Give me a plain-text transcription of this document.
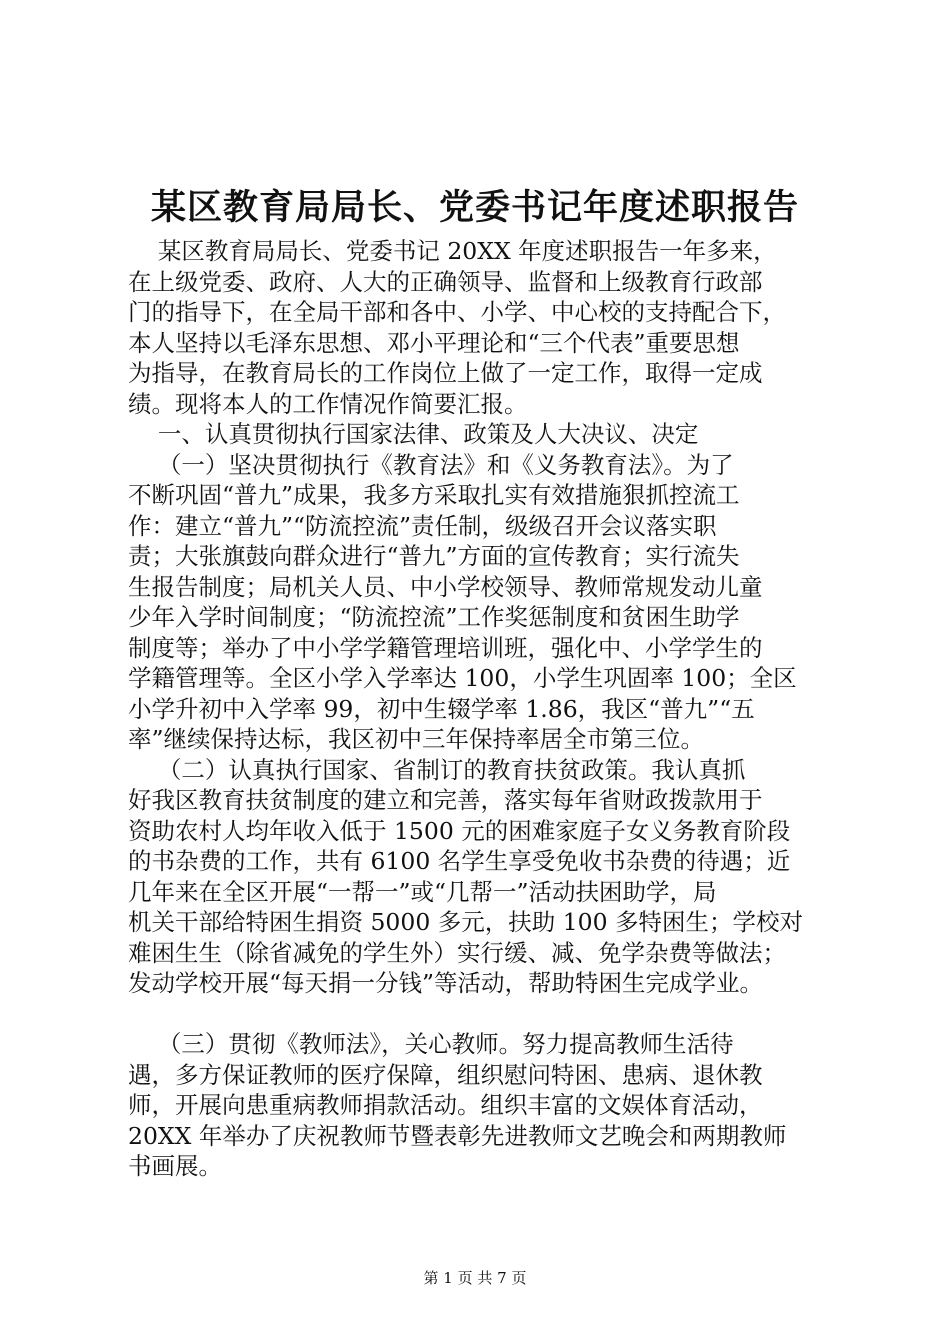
某区教育局局长、党委书记年度述职报告
某区教育局局长、党委书记 20XX 年度述职报告一年多来，
在上级党委、政府、人大的正确领导、监督和上级教育行政部
门的指导下，在全局干部和各中、小学、中心校的支持配合下，
本人坚持以毛泽东思想、邓小平理论和“三个代表”重要思想
为指导，在教育局长的工作岗位上做了一定工作，取得一定成
绩。现将本人的工作情况作简要汇报。
一、认真贯彻执行国家法律、政策及人大决议、决定
（一）坚决贯彻执行《教育法》和《义务教育法》。为了
不断巩固“普九”成果，我多方采取扎实有效措施狠抓控流工
作：建立“普九”“防流控流”责任制，级级召开会议落实职
责；大张旗鼓向群众进行“普九”方面的宣传教育；实行流失
生报告制度；局机关人员、中小学校领导、教师常规发动儿童
少年入学时间制度；“防流控流”工作奖惩制度和贫困生助学
制度等；举办了中小学学籍管理培训班，强化中、小学学生的
学籍管理等。全区小学入学率达 100，小学生巩固率 100；全区
小学升初中入学率 99，初中生辍学率 1.86，我区“普九”“五
率”继续保持达标，我区初中三年保持率居全市第三位。
（二）认真执行国家、省制订的教育扶贫政策。我认真抓
好我区教育扶贫制度的建立和完善，落实每年省财政拨款用于
资助农村人均年收入低于 1500 元的困难家庭子女义务教育阶段
的书杂费的工作，共有 6100 名学生享受免收书杂费的待遇；近
几年来在全区开展“一帮一”或“几帮一”活动扶困助学，局
机关干部给特困生捐资 5000 多元，扶助 100 多特困生；学校对
难困生生（除省减免的学生外）实行缓、减、免学杂费等做法；
发动学校开展“每天捐一分钱”等活动，帮助特困生完成学业。
（三）贯彻《教师法》，关心教师。努力提高教师生活待
遇，多方保证教师的医疗保障，组织慰问特困、患病、退休教
师，开展向患重病教师捐款活动。组织丰富的文娱体育活动，
20XX 年举办了庆祝教师节暨表彰先进教师文艺晚会和两期教师
书画展。
第 1 页 共 7 页
